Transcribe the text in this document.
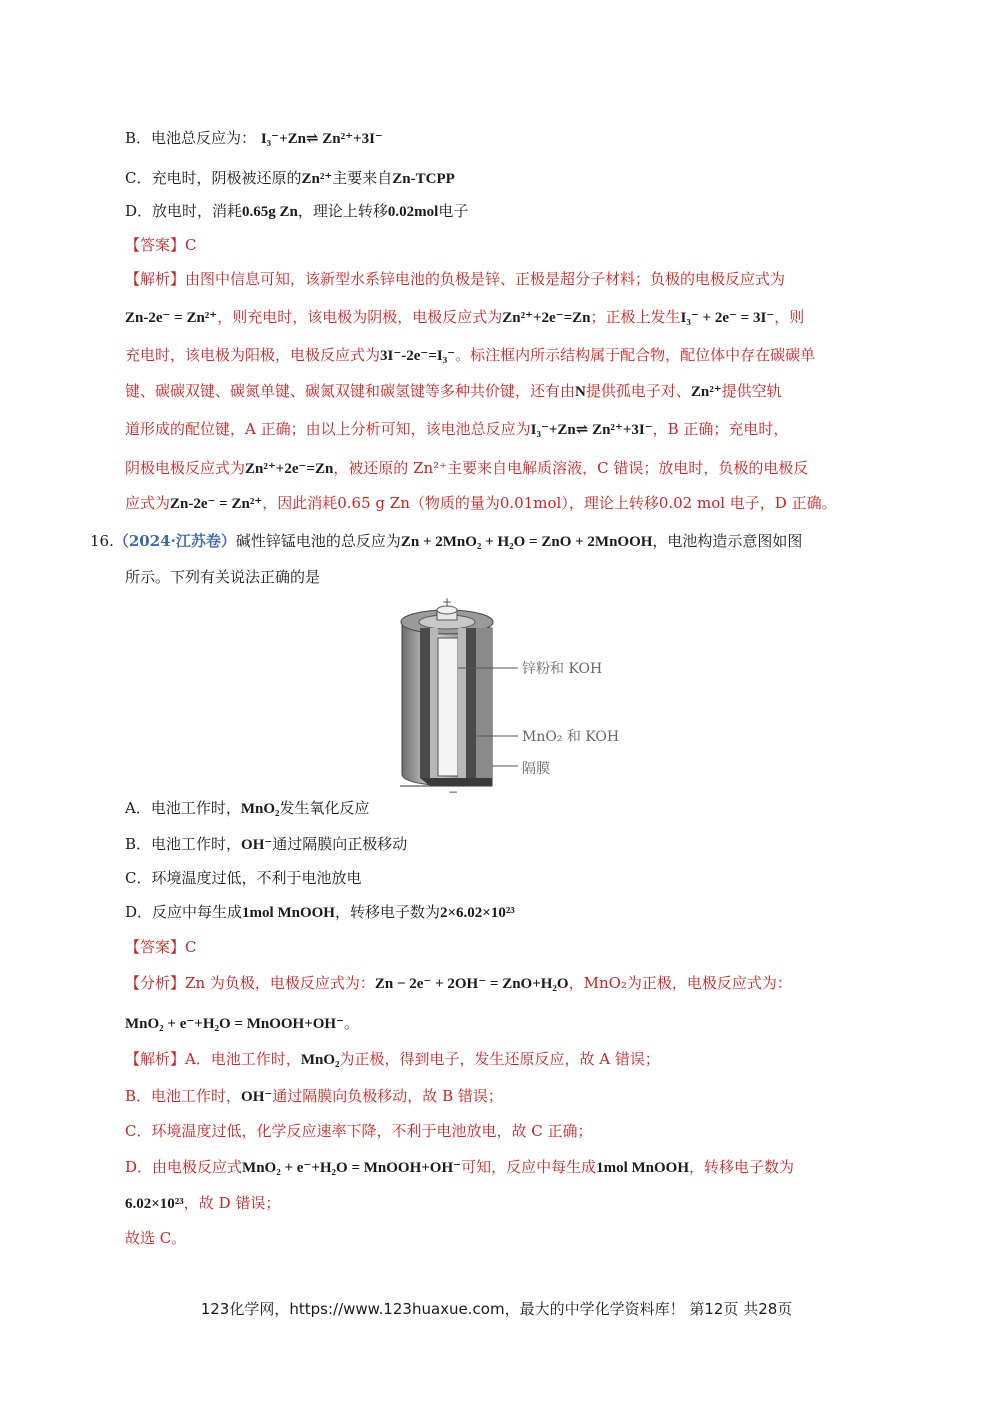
B．电池总反应为： I₃⁻+Zn⇌ Zn²⁺+3I⁻
C．充电时，阴极被还原的Zn²⁺主要来自Zn-TCPP
D．放电时，消耗0.65g Zn，理论上转移0.02mol电子
【答案】C
【解析】由图中信息可知，该新型水系锌电池的负极是锌、正极是超分子材料；负极的电极反应式为
Zn-2e⁻ = Zn²⁺，则充电时，该电极为阴极，电极反应式为Zn²⁺+2e⁻=Zn；正极上发生I₃⁻ + 2e⁻ = 3I⁻，则
充电时，该电极为阳极，电极反应式为3I⁻-2e⁻=I₃⁻。标注框内所示结构属于配合物，配位体中存在碳碳单
键、碳碳双键、碳氮单键、碳氮双键和碳氢键等多种共价键，还有由N提供孤电子对、Zn²⁺提供空轨
道形成的配位键，A 正确；由以上分析可知，该电池总反应为I₃⁻+Zn⇌ Zn²⁺+3I⁻，B 正确；充电时，
阴极电极反应式为Zn²⁺+2e⁻=Zn，被还原的 Zn²⁺主要来自电解质溶液，C 错误；放电时，负极的电极反
应式为Zn-2e⁻ = Zn²⁺，因此消耗0.65 g Zn（物质的量为0.01mol），理论上转移0.02 mol 电子，D 正确。
16.（2024·江苏卷）碱性锌锰电池的总反应为Zn + 2MnO₂ + H₂O = ZnO + 2MnOOH，电池构造示意图如图
所示。下列有关说法正确的是
+
−
锌粉和 KOH
MnO₂ 和 KOH
隔膜
A．电池工作时，MnO₂发生氧化反应
B．电池工作时，OH⁻通过隔膜向正极移动
C．环境温度过低，不利于电池放电
D．反应中每生成1mol MnOOH，转移电子数为2×6.02×10²³
【答案】C
【分析】Zn 为负极，电极反应式为：Zn − 2e⁻ + 2OH⁻ = ZnO+H₂O，MnO₂为正极，电极反应式为：
MnO₂ + e⁻+H₂O = MnOOH+OH⁻。
【解析】A．电池工作时，MnO₂为正极，得到电子，发生还原反应，故 A 错误；
B．电池工作时，OH⁻通过隔膜向负极移动，故 B 错误；
C．环境温度过低，化学反应速率下降，不利于电池放电，故 C 正确；
D．由电极反应式MnO₂ + e⁻+H₂O = MnOOH+OH⁻可知，反应中每生成1mol MnOOH，转移电子数为
6.02×10²³，故 D 错误；
故选 C。
123化学网，https://www.123huaxue.com，最大的中学化学资料库！ 第12页 共28页
